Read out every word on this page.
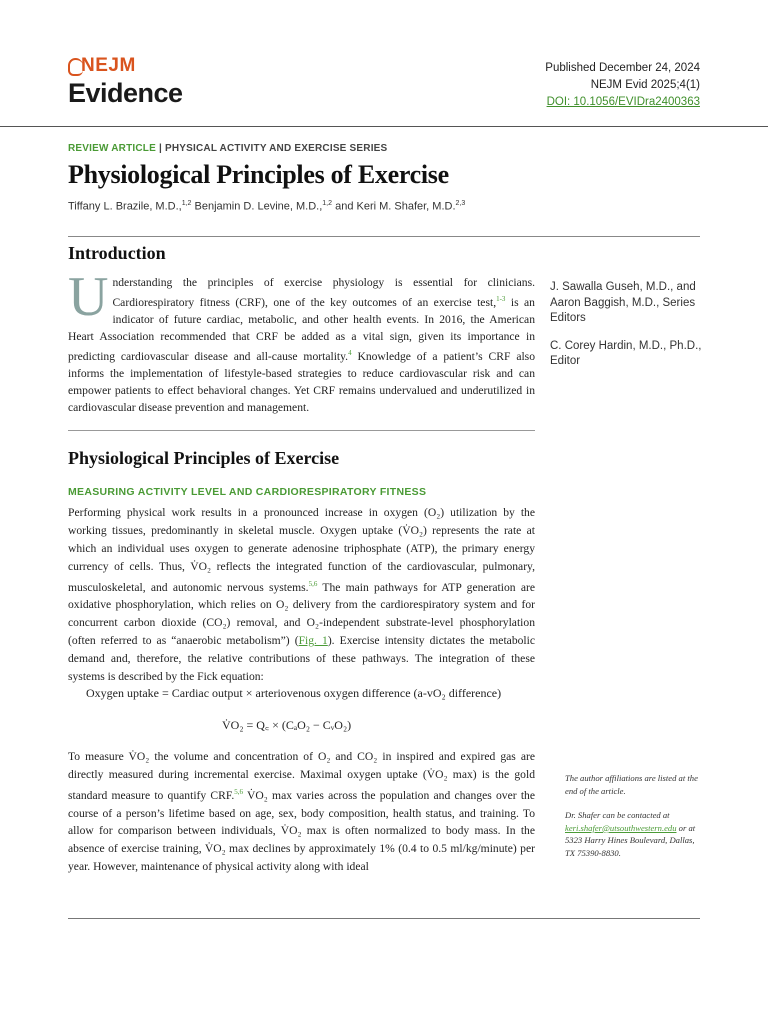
NEJM
Evidence
Published December 24, 2024
NEJM Evid 2025;4(1)
DOI: 10.1056/EVIDra2400363
REVIEW ARTICLE | PHYSICAL ACTIVITY AND EXERCISE SERIES
Physiological Principles of Exercise
Tiffany L. Brazile, M.D.,$^{1,2}$ Benjamin D. Levine, M.D.,$^{1,2}$ and Keri M. Shafer, M.D.$^{2,3}$
Introduction
Understanding the principles of exercise physiology is essential for clinicians. Cardiorespiratory fitness (CRF), one of the key outcomes of an exercise test,$^{1-3}$ is an indicator of future cardiac, metabolic, and other health events. In 2016, the American Heart Association recommended that CRF be added as a vital sign, given its importance in predicting cardiovascular disease and all-cause mortality.$^4$ Knowledge of a patient’s CRF also informs the implementation of lifestyle-based strategies to reduce cardiovascular risk and can empower patients to effect behavioral changes. Yet CRF remains undervalued and underutilized in cardiovascular disease prevention and management.

J. Sawalla Guseh, M.D., and Aaron Baggish, M.D., Series Editors

C. Corey Hardin, M.D., Ph.D., Editor

Physiological Principles of Exercise
MEASURING ACTIVITY LEVEL AND CARDIORESPIRATORY FITNESS
Performing physical work results in a pronounced increase in oxygen (O₂) utilization by the working tissues, predominantly in skeletal muscle. Oxygen uptake (V̇O₂) represents the rate at which an individual uses oxygen to generate adenosine triphosphate (ATP), the primary energy currency of cells. Thus, V̇O₂ reflects the integrated function of the cardiovascular, pulmonary, musculoskeletal, and autonomic nervous systems.$^{5,6}$ The main pathways for ATP generation are oxidative phosphorylation, which relies on O₂ delivery from the cardiorespiratory system and for concurrent carbon dioxide (CO₂) removal, and O₂-independent substrate-level phosphorylation (often referred to as “anaerobic metabolism”) (Fig. 1). Exercise intensity dictates the metabolic demand and, therefore, the relative contributions of these pathways. The integration of these systems is described by the Fick equation:
Oxygen uptake = Cardiac output × arteriovenous oxygen difference (a-vO₂ difference)
V̇O₂ = Q꜀ × (CₐO₂ − CᵥO₂)
To measure V̇O₂ the volume and concentration of O₂ and CO₂ in inspired and expired gas are directly measured during incremental exercise. Maximal oxygen uptake (V̇O₂ max) is the gold standard measure to quantify CRF.$^{5,6}$ V̇O₂ max varies across the population and changes over the course of a person’s lifetime based on age, sex, body composition, health status, and training. To allow for comparison between individuals, V̇O₂ max is often normalized to body mass. In the absence of exercise training, V̇O₂ max declines by approximately 1% (0.4 to 0.5 ml/kg/minute) per year. However, maintenance of physical activity along with ideal

The author affiliations are listed at the end of the article.

Dr. Shafer can be contacted at keri.shafer@utsouthwestern.edu or at 5323 Harry Hines Boulevard, Dallas, TX 75390-8830.
